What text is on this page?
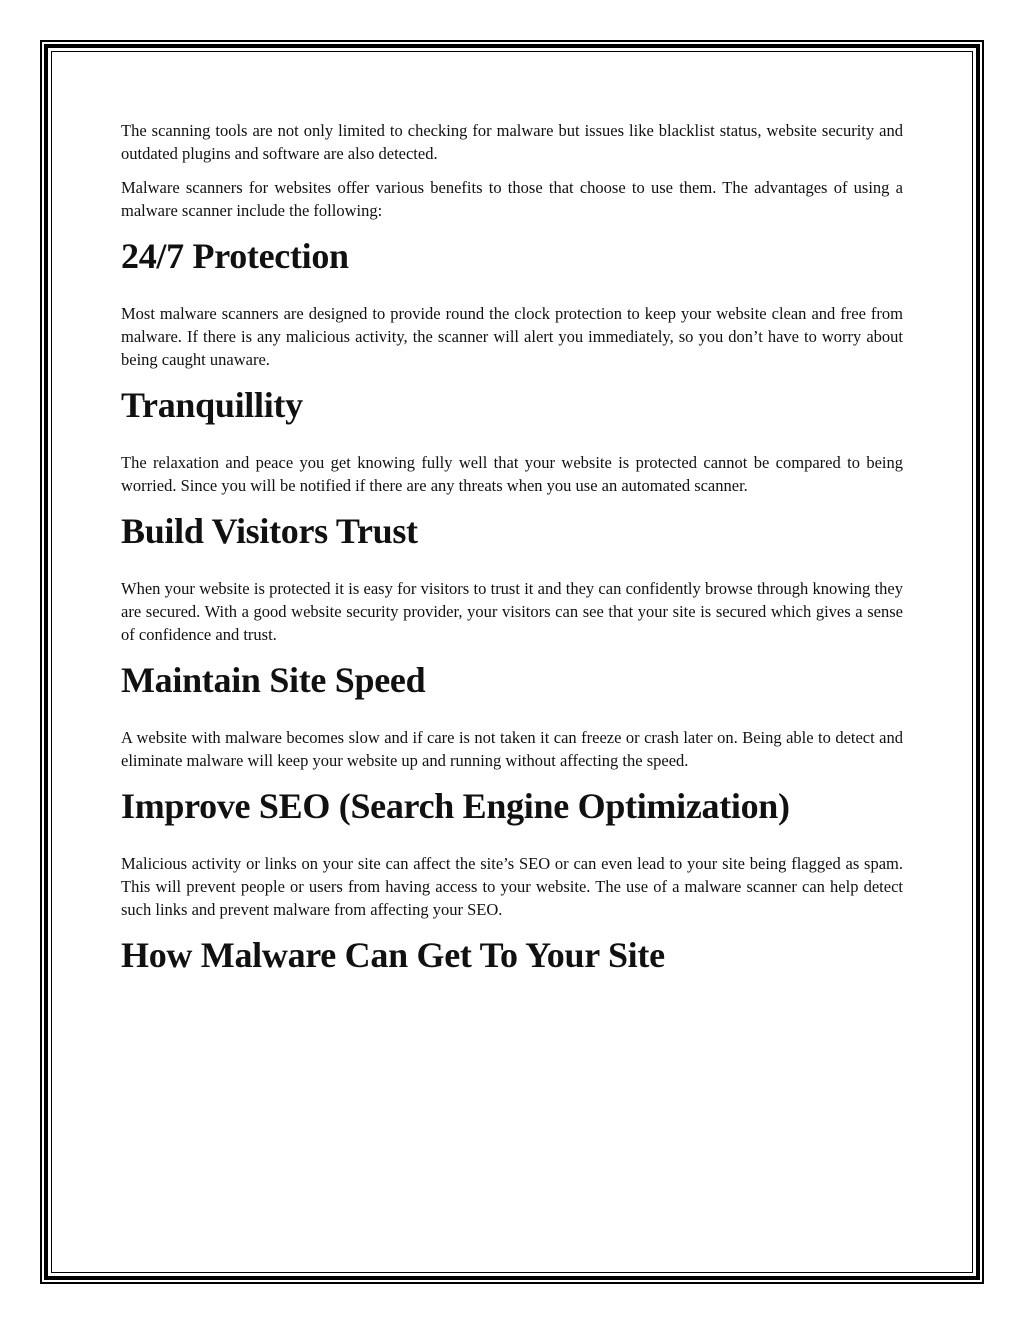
The scanning tools are not only limited to checking for malware but issues like blacklist status, website security and outdated plugins and software are also detected.

Malware scanners for websites offer various benefits to those that choose to use them. The advantages of using a malware scanner include the following:

24/7 Protection

Most malware scanners are designed to provide round the clock protection to keep your website clean and free from malware. If there is any malicious activity, the scanner will alert you immediately, so you don’t have to worry about being caught unaware.

Tranquillity

The relaxation and peace you get knowing fully well that your website is protected cannot be compared to being worried. Since you will be notified if there are any threats when you use an automated scanner.

Build Visitors Trust

When your website is protected it is easy for visitors to trust it and they can confidently browse through knowing they are secured. With a good website security provider, your visitors can see that your site is secured which gives a sense of confidence and trust.

Maintain Site Speed

A website with malware becomes slow and if care is not taken it can freeze or crash later on. Being able to detect and eliminate malware will keep your website up and running without affecting the speed.

Improve SEO (Search Engine Optimization)

Malicious activity or links on your site can affect the site’s SEO or can even lead to your site being flagged as spam. This will prevent people or users from having access to your website. The use of a malware scanner can help detect such links and prevent malware from affecting your SEO.

How Malware Can Get To Your Site
